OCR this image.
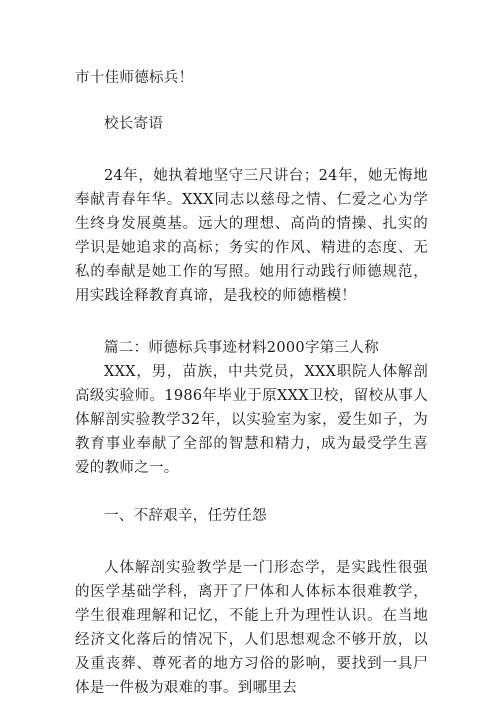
市十佳师德标兵！

校长寄语

24年，她执着地坚守三尺讲台；24年，她无悔地奉献青春年华。XXX同志以慈母之情、仁爱之心为学生终身发展奠基。远大的理想、高尚的情操、扎实的学识是她追求的高标；务实的作风、精进的态度、无私的奉献是她工作的写照。她用行动践行师德规范，用实践诠释教育真谛，是我校的师德楷模！

篇二：师德标兵事迹材料2000字第三人称

XXX，男，苗族，中共党员，XXX职院人体解剖高级实验师。1986年毕业于原XXX卫校，留校从事人体解剖实验教学32年，以实验室为家，爱生如子，为教育事业奉献了全部的智慧和精力，成为最受学生喜爱的教师之一。

一、不辞艰辛，任劳任怨

人体解剖实验教学是一门形态学，是实践性很强的医学基础学科，离开了尸体和人体标本很难教学，学生很难理解和记忆，不能上升为理性认识。在当地经济文化落后的情况下，人们思想观念不够开放，以及重丧葬、尊死者的地方习俗的影响，要找到一具尸体是一件极为艰难的事。到哪里去
